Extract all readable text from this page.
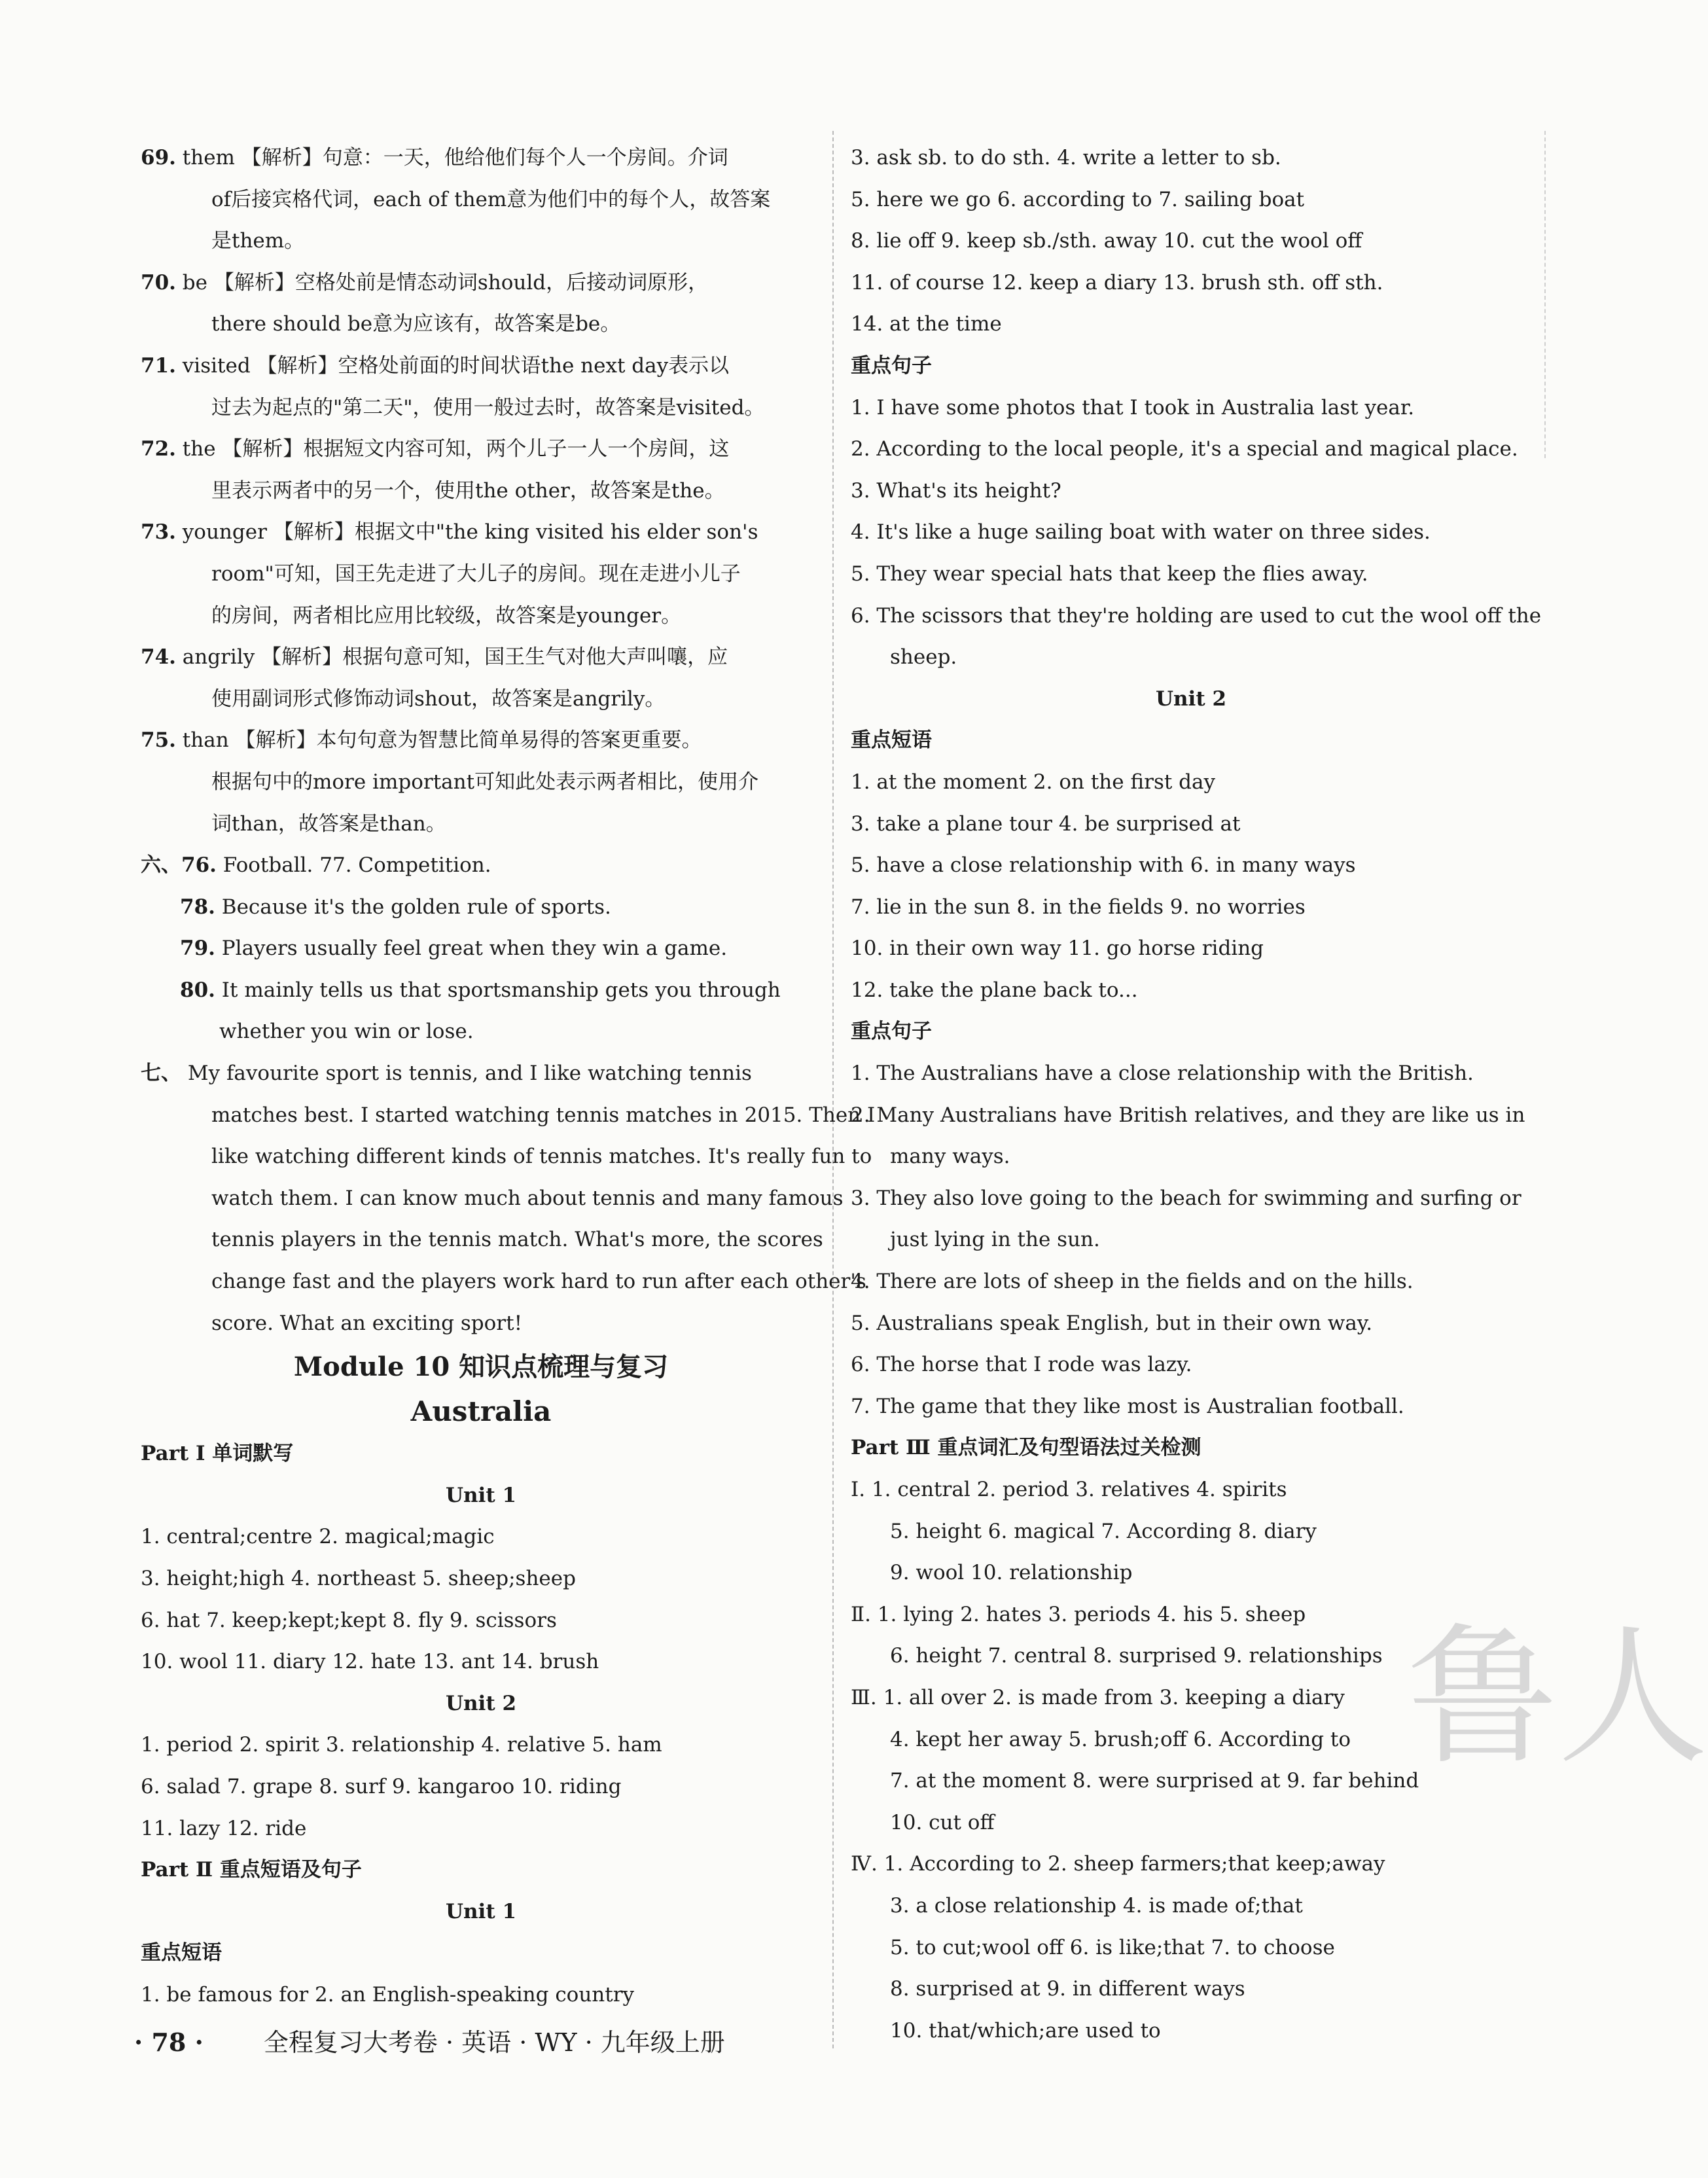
69. them 【解析】句意：一天，他给他们每个人一个房间。介词
of后接宾格代词，each of them意为他们中的每个人，故答案
是them。
70. be 【解析】空格处前是情态动词should，后接动词原形，
there should be意为应该有，故答案是be。
71. visited 【解析】空格处前面的时间状语the next day表示以
过去为起点的"第二天"，使用一般过去时，故答案是visited。
72. the 【解析】根据短文内容可知，两个儿子一人一个房间，这
里表示两者中的另一个，使用the other，故答案是the。
73. younger 【解析】根据文中"the king visited his elder son's
room"可知，国王先走进了大儿子的房间。现在走进小儿子
的房间，两者相比应用比较级，故答案是younger。
74. angrily 【解析】根据句意可知，国王生气对他大声叫嚷，应
使用副词形式修饰动词shout，故答案是angrily。
75. than 【解析】本句句意为智慧比简单易得的答案更重要。
根据句中的more important可知此处表示两者相比，使用介
词than，故答案是than。
六、76. Football. 77. Competition.
78. Because it's the golden rule of sports.
79. Players usually feel great when they win a game.
80. It mainly tells us that sportsmanship gets you through
whether you win or lose.
七、 My favourite sport is tennis, and I like watching tennis
matches best. I started watching tennis matches in 2015. Then I
like watching different kinds of tennis matches. It's really fun to
watch them. I can know much about tennis and many famous
tennis players in the tennis match. What's more, the scores
change fast and the players work hard to run after each other's
score. What an exciting sport!
Module 10 知识点梳理与复习
Australia
Part Ⅰ 单词默写
Unit 1
1. central;centre 2. magical;magic
3. height;high 4. northeast 5. sheep;sheep
6. hat 7. keep;kept;kept 8. fly 9. scissors
10. wool 11. diary 12. hate 13. ant 14. brush
Unit 2
1. period 2. spirit 3. relationship 4. relative 5. ham
6. salad 7. grape 8. surf 9. kangaroo 10. riding
11. lazy 12. ride
Part Ⅱ 重点短语及句子
Unit 1
重点短语
1. be famous for 2. an English-speaking country
3. ask sb. to do sth. 4. write a letter to sb.
5. here we go 6. according to 7. sailing boat
8. lie off 9. keep sb./sth. away 10. cut the wool off
11. of course 12. keep a diary 13. brush sth. off sth.
14. at the time
重点句子
1. I have some photos that I took in Australia last year.
2. According to the local people, it's a special and magical place.
3. What's its height?
4. It's like a huge sailing boat with water on three sides.
5. They wear special hats that keep the flies away.
6. The scissors that they're holding are used to cut the wool off the
sheep.
Unit 2
重点短语
1. at the moment 2. on the first day
3. take a plane tour 4. be surprised at
5. have a close relationship with 6. in many ways
7. lie in the sun 8. in the fields 9. no worries
10. in their own way 11. go horse riding
12. take the plane back to...
重点句子
1. The Australians have a close relationship with the British.
2. Many Australians have British relatives, and they are like us in
many ways.
3. They also love going to the beach for swimming and surfing or
just lying in the sun.
4. There are lots of sheep in the fields and on the hills.
5. Australians speak English, but in their own way.
6. The horse that I rode was lazy.
7. The game that they like most is Australian football.
Part Ⅲ 重点词汇及句型语法过关检测
Ⅰ. 1. central 2. period 3. relatives 4. spirits
5. height 6. magical 7. According 8. diary
9. wool 10. relationship
Ⅱ. 1. lying 2. hates 3. periods 4. his 5. sheep
6. height 7. central 8. surprised 9. relationships
Ⅲ. 1. all over 2. is made from 3. keeping a diary
4. kept her away 5. brush;off 6. According to
7. at the moment 8. were surprised at 9. far behind
10. cut off
Ⅳ. 1. According to 2. sheep farmers;that keep;away
3. a close relationship 4. is made of;that
5. to cut;wool off 6. is like;that 7. to choose
8. surprised at 9. in different ways
10. that/which;are used to
· 78 · 全程复习大考卷 · 英语 · WY · 九年级上册
鲁人
